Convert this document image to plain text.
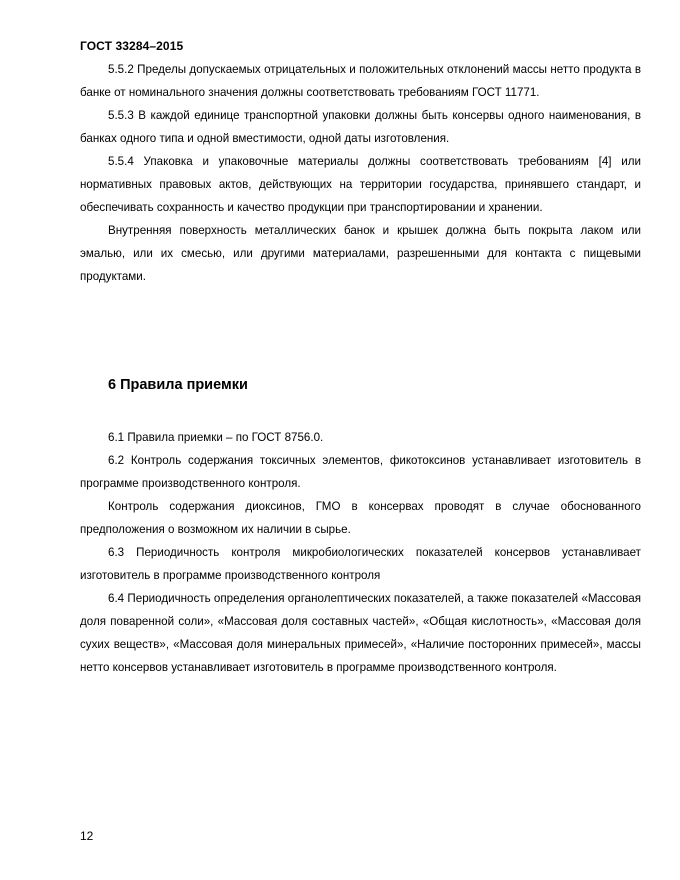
ГОСТ 33284–2015

5.5.2 Пределы допускаемых отрицательных и положительных отклонений массы нетто продукта в банке от номинального значения должны соответствовать требованиям ГОСТ 11771.

5.5.3 В каждой единице транспортной упаковки должны быть консервы одного наименования, в банках одного типа и одной вместимости, одной даты изготовления.

5.5.4 Упаковка и упаковочные материалы должны соответствовать требованиям [4] или нормативных правовых актов, действующих на территории государства, принявшего стандарт, и обеспечивать сохранность и качество продукции при транспортировании и хранении.

Внутренняя поверхность металлических банок и крышек должна быть покрыта лаком или эмалью, или их смесью, или другими материалами, разрешенными для контакта с пищевыми продуктами.

6 Правила приемки

6.1 Правила приемки – по ГОСТ 8756.0.

6.2 Контроль содержания токсичных элементов, фикотоксинов устанавливает изготовитель в программе производственного контроля.

Контроль содержания диоксинов, ГМО в консервах проводят в случае обоснованного предположения о возможном их наличии в сырье.

6.3 Периодичность контроля микробиологических показателей консервов устанавливает изготовитель в программе производственного контроля

6.4 Периодичность определения органолептических показателей, а также показателей «Массовая доля поваренной соли», «Массовая доля составных частей», «Общая кислотность», «Массовая доля сухих веществ», «Массовая доля минеральных примесей», «Наличие посторонних примесей», массы нетто консервов устанавливает изготовитель в программе производственного контроля.

12
